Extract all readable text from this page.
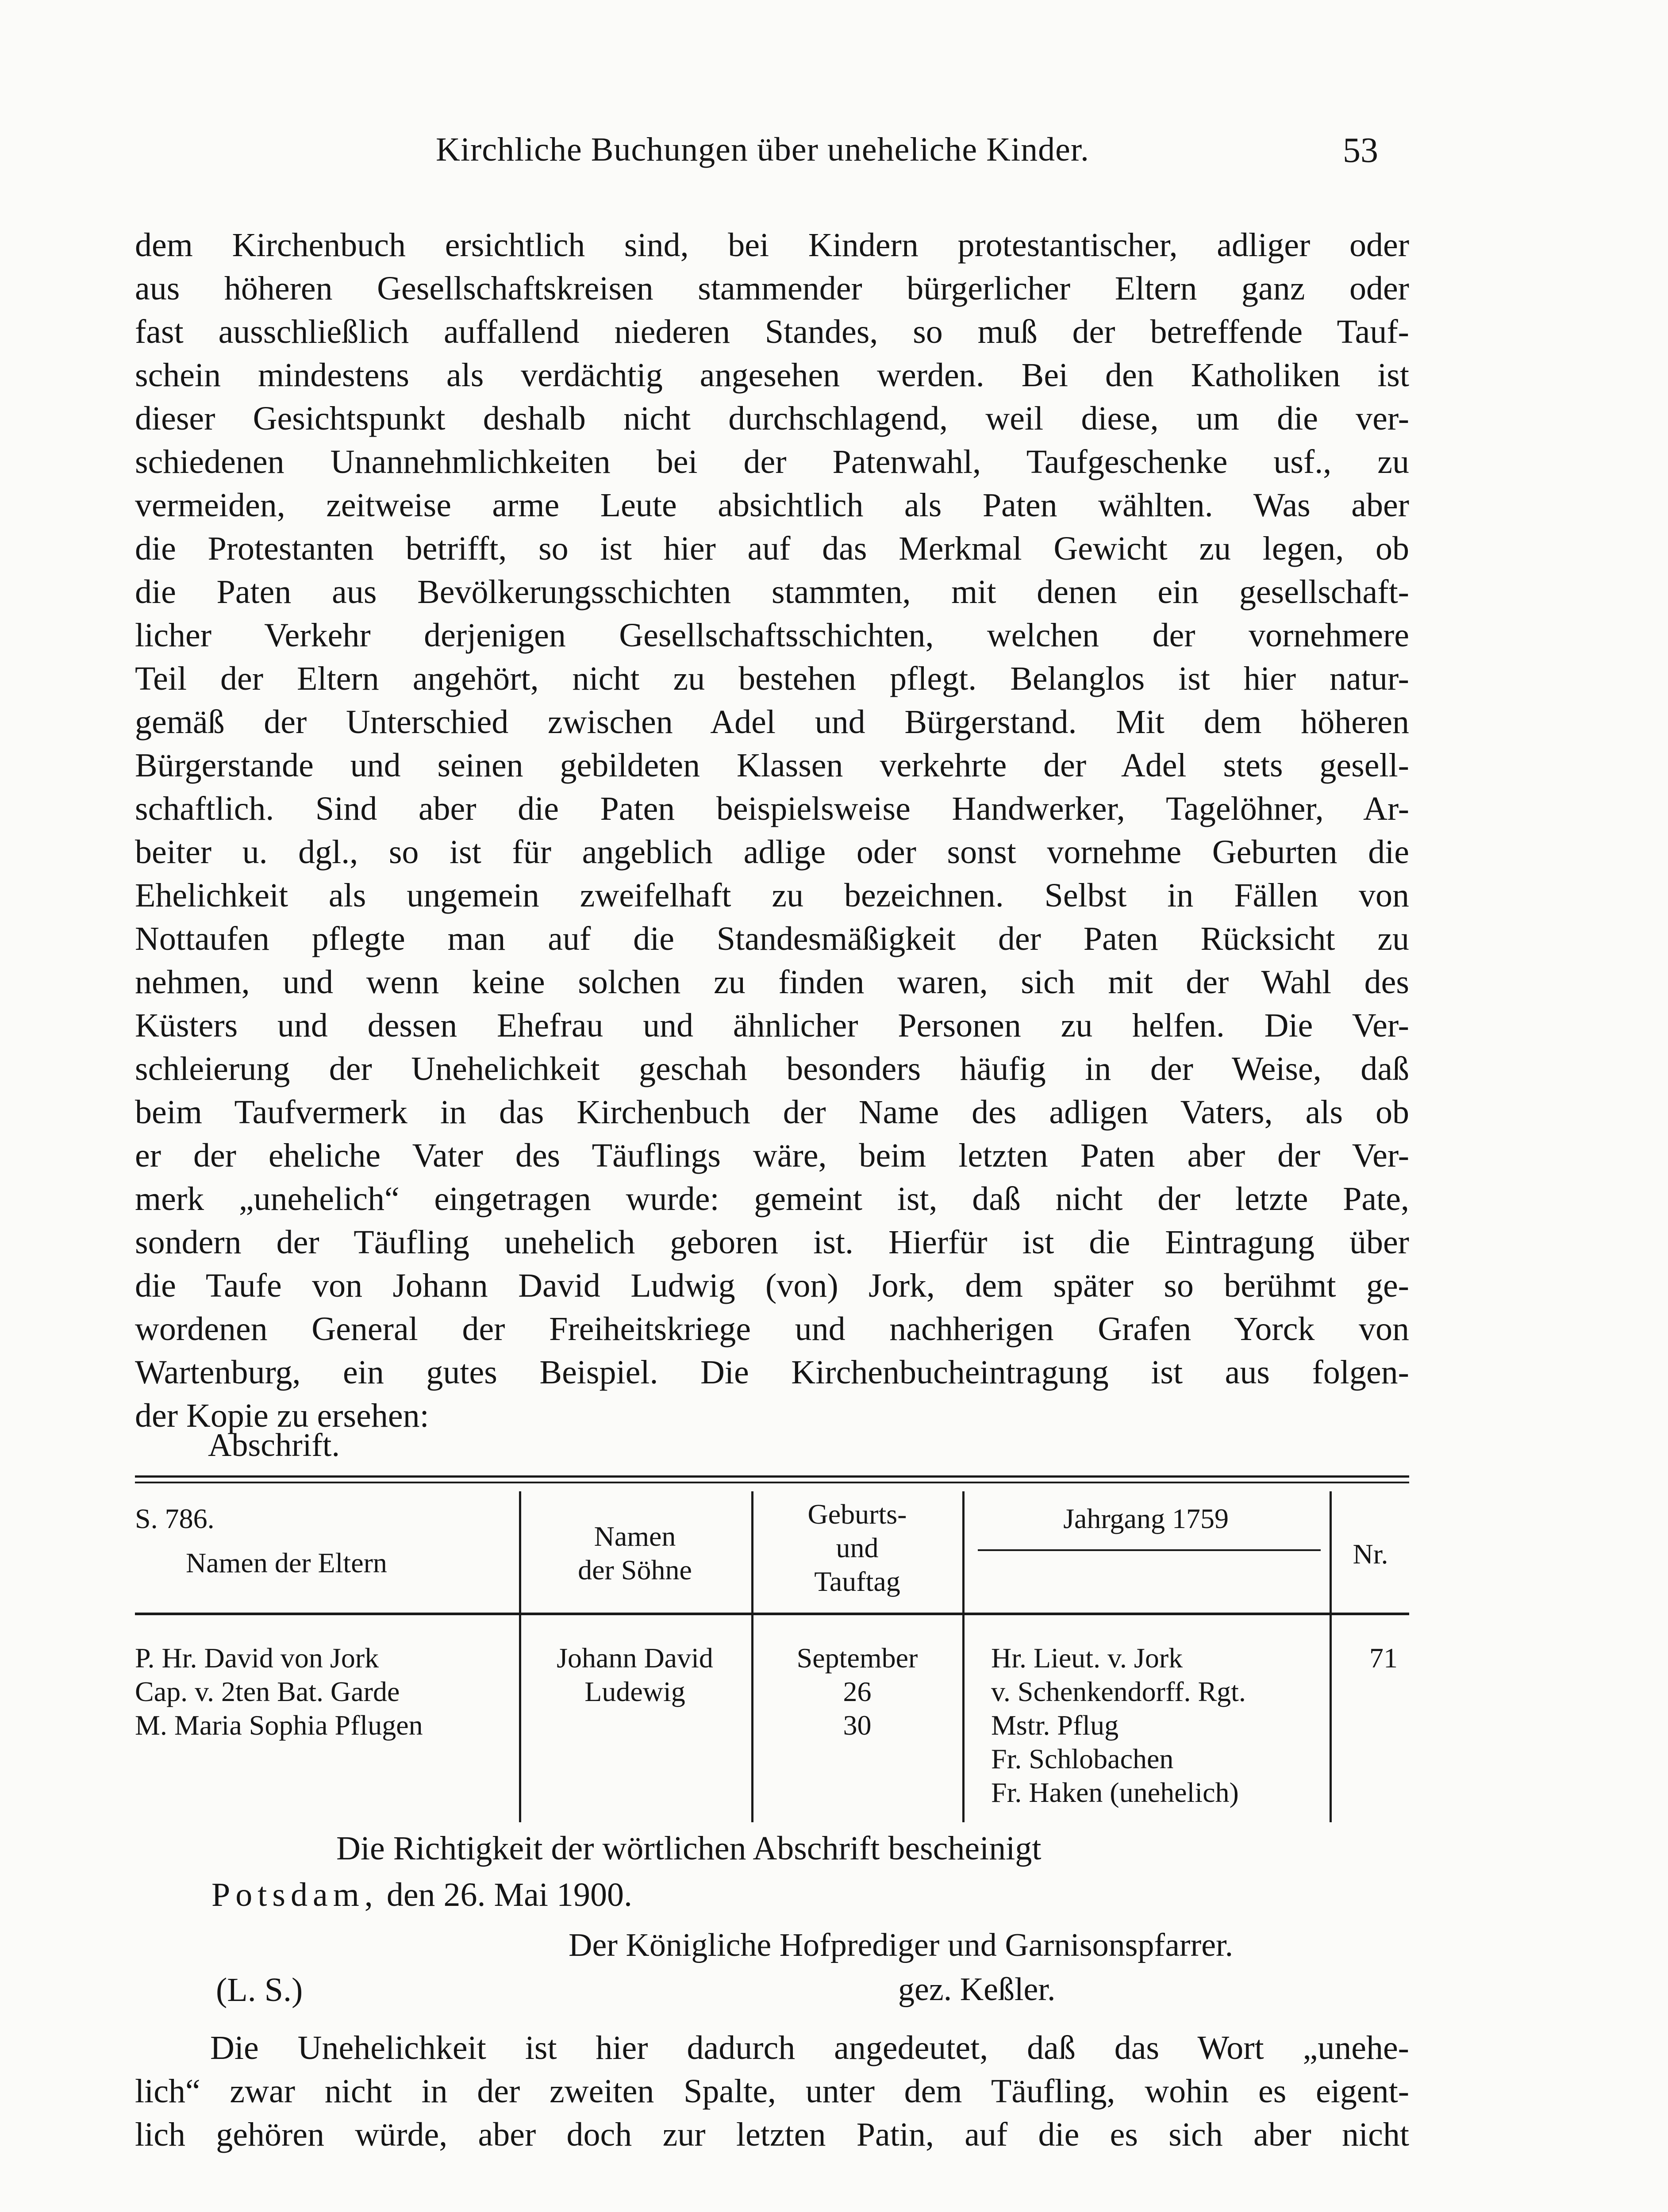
Kirchliche Buchungen über uneheliche Kinder.	53
dem Kirchenbuch ersichtlich sind, bei Kindern protestantischer, adliger oder
aus höheren Gesellschaftskreisen stammender bürgerlicher Eltern ganz oder
fast ausschließlich auffallend niederen Standes, so muß der betreffende Tauf-
schein mindestens als verdächtig angesehen werden. Bei den Katholiken ist
dieser Gesichtspunkt deshalb nicht durchschlagend, weil diese, um die ver-
schiedenen Unannehmlichkeiten bei der Patenwahl, Taufgeschenke usf., zu
vermeiden, zeitweise arme Leute absichtlich als Paten wählten. Was aber
die Protestanten betrifft, so ist hier auf das Merkmal Gewicht zu legen, ob
die Paten aus Bevölkerungsschichten stammten, mit denen ein gesellschaft-
licher Verkehr derjenigen Gesellschaftsschichten, welchen der vornehmere
Teil der Eltern angehört, nicht zu bestehen pflegt. Belanglos ist hier natur-
gemäß der Unterschied zwischen Adel und Bürgerstand. Mit dem höheren
Bürgerstande und seinen gebildeten Klassen verkehrte der Adel stets gesell-
schaftlich. Sind aber die Paten beispielsweise Handwerker, Tagelöhner, Ar-
beiter u. dgl., so ist für angeblich adlige oder sonst vornehme Geburten die
Ehelichkeit als ungemein zweifelhaft zu bezeichnen. Selbst in Fällen von
Nottaufen pflegte man auf die Standesmäßigkeit der Paten Rücksicht zu
nehmen, und wenn keine solchen zu finden waren, sich mit der Wahl des
Küsters und dessen Ehefrau und ähnlicher Personen zu helfen. Die Ver-
schleierung der Unehelichkeit geschah besonders häufig in der Weise, daß
beim Taufvermerk in das Kirchenbuch der Name des adligen Vaters, als ob
er der eheliche Vater des Täuflings wäre, beim letzten Paten aber der Ver-
merk „unehelich“ eingetragen wurde: gemeint ist, daß nicht der letzte Pate,
sondern der Täufling unehelich geboren ist. Hierfür ist die Eintragung über
die Taufe von Johann David Ludwig (von) Jork, dem später so berühmt ge-
wordenen General der Freiheitskriege und nachherigen Grafen Yorck von
Wartenburg, ein gutes Beispiel. Die Kirchenbucheintragung ist aus folgen-
der Kopie zu ersehen:
Abschrift.
S. 786.
Namen der Eltern
Namen
der Söhne
Geburts-
und
Tauftag
Jahrgang 1759
Nr.
P. Hr. David von Jork
Cap. v. 2ten Bat. Garde
M. Maria Sophia Pflugen
Johann David
Ludewig
September
26
30
Hr. Lieut. v. Jork
v. Schenkendorff. Rgt.
Mstr. Pflug
Fr. Schlobachen
Fr. Haken (unehelich)
71
Die Richtigkeit der wörtlichen Abschrift bescheinigt
Potsdam, den 26. Mai 1900.
Der Königliche Hofprediger und Garnisonspfarrer.
(L. S.)	gez. Keßler.
Die Unehelichkeit ist hier dadurch angedeutet, daß das Wort „unehe-
lich“ zwar nicht in der zweiten Spalte, unter dem Täufling, wohin es eigent-
lich gehören würde, aber doch zur letzten Patin, auf die es sich aber nicht
